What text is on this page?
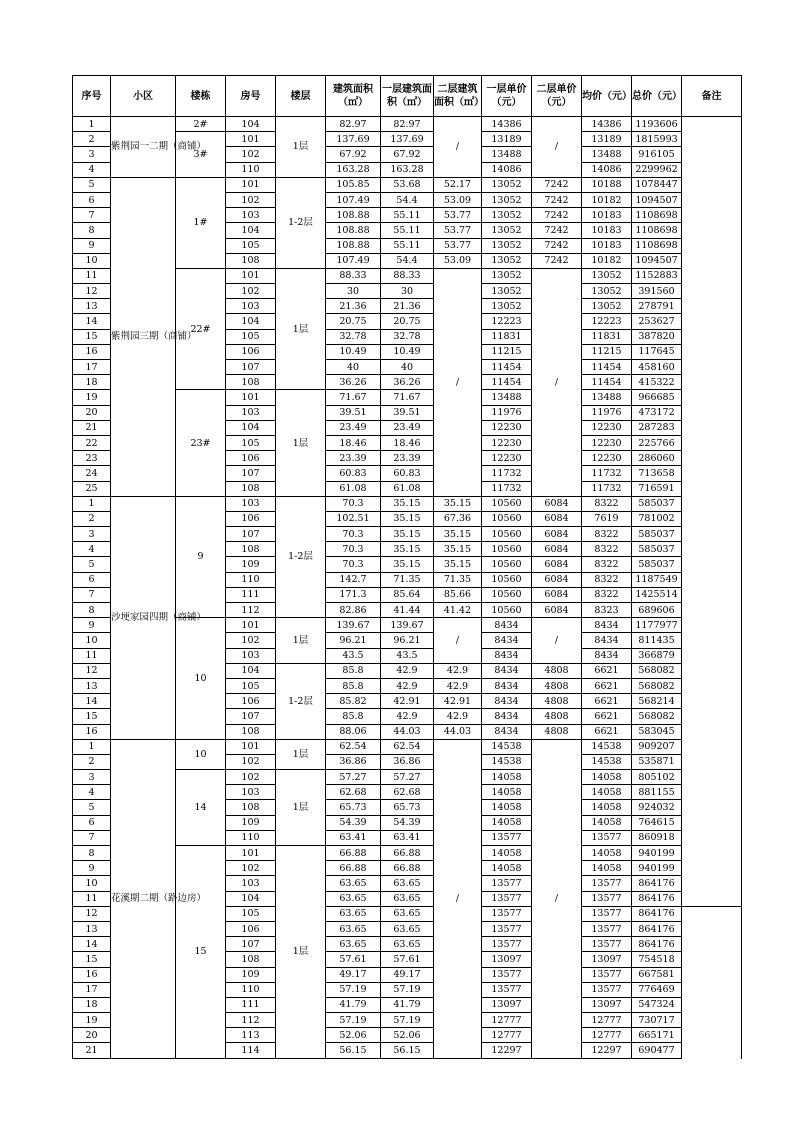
序号	小区	楼栋	房号	楼层	建筑面积（㎡）	一层建筑面积（㎡）	二层建筑面积（㎡）	一层单价（元）	二层单价（元）	均价（元）	总价（元）	备注	
1	紫荆园一二期（商铺）	2#	104	1层	82.97	82.97	/	14386	/	14386	1193606		
2		3#	101		137.69	137.69		13189		13189	1815993		
3			102		67.92	67.92		13488		13488	916105		
4			110		163.28	163.28		14086		14086	2299962		
5	紫荆园三期（商铺）	1#	101	1-2层	105.85	53.68	52.17	13052	7242	10188	1078447		
6			102		107.49	54.4	53.09	13052	7242	10182	1094507		
7			103		108.88	55.11	53.77	13052	7242	10183	1108698		
8			104		108.88	55.11	53.77	13052	7242	10183	1108698		
9			105		108.88	55.11	53.77	13052	7242	10183	1108698		
10			108		107.49	54.4	53.09	13052	7242	10182	1094507		
11		22#	101	1层	88.33	88.33	/	13052	/	13052	1152883		
12			102		30	30		13052		13052	391560		
13			103		21.36	21.36		13052		13052	278791		
14			104		20.75	20.75		12223		12223	253627		
15			105		32.78	32.78		11831		11831	387820		
16			106		10.49	10.49		11215		11215	117645		
17			107		40	40		11454		11454	458160		
18			108		36.26	36.26		11454		11454	415322		
19		23#	101	1层	71.67	71.67		13488		13488	966685		
20			103		39.51	39.51		11976		11976	473172		
21			104		23.49	23.49		12230		12230	287283		
22			105		18.46	18.46		12230		12230	225766		
23			106		23.39	23.39		12230		12230	286060		
24			107		60.83	60.83		11732		11732	713658		
25			108		61.08	61.08		11732		11732	716591		
1	沙埂家园四期（商铺）	9	103	1-2层	70.3	35.15	35.15	10560	6084	8322	585037		
2			106		102.51	35.15	67.36	10560	6084	7619	781002		
3			107		70.3	35.15	35.15	10560	6084	8322	585037		
4			108		70.3	35.15	35.15	10560	6084	8322	585037		
5			109		70.3	35.15	35.15	10560	6084	8322	585037		
6			110		142.7	71.35	71.35	10560	6084	8322	1187549		
7			111		171.3	85.64	85.66	10560	6084	8322	1425514		
8			112		82.86	41.44	41.42	10560	6084	8323	689606		
9		10	101	1层	139.67	139.67	/	8434	/	8434	1177977		
10			102		96.21	96.21		8434		8434	811435		
11			103		43.5	43.5		8434		8434	366879		
12			104	1-2层	85.8	42.9	42.9	8434	4808	6621	568082		
13			105		85.8	42.9	42.9	8434	4808	6621	568082		
14			106		85.82	42.91	42.91	8434	4808	6621	568214		
15			107		85.8	42.9	42.9	8434	4808	6621	568082		
16			108		88.06	44.03	44.03	8434	4808	6621	583045		
1	花溪期二期（路边房）	10	101	1层	62.54	62.54	/	14538	/	14538	909207		
2			102		36.86	36.86		14538		14538	535871		
3		14	102	1层	57.27	57.27		14058		14058	805102		
4			103		62.68	62.68		14058		14058	881155		
5			108		65.73	65.73		14058		14058	924032		
6			109		54.39	54.39		14058		14058	764615		
7			110		63.41	63.41		13577		13577	860918		
8		15	101	1层	66.88	66.88		14058		14058	940199		
9			102		66.88	66.88		14058		14058	940199		
10			103		63.65	63.65		13577		13577	864176		
11			104		63.65	63.65		13577		13577	864176		
12			105		63.65	63.65		13577		13577	864176		
13			106		63.65	63.65		13577		13577	864176		
14			107		63.65	63.65		13577		13577	864176		
15			108		57.61	57.61		13097		13097	754518		
16			109		49.17	49.17		13577		13577	667581		
17			110		57.19	57.19		13577		13577	776469		
18			111		41.79	41.79		13097		13097	547324		
19			112		57.19	57.19		12777		12777	730717		
20			113		52.06	52.06		12777		12777	665171		
21			114		56.15	56.15		12297		12297	690477		
